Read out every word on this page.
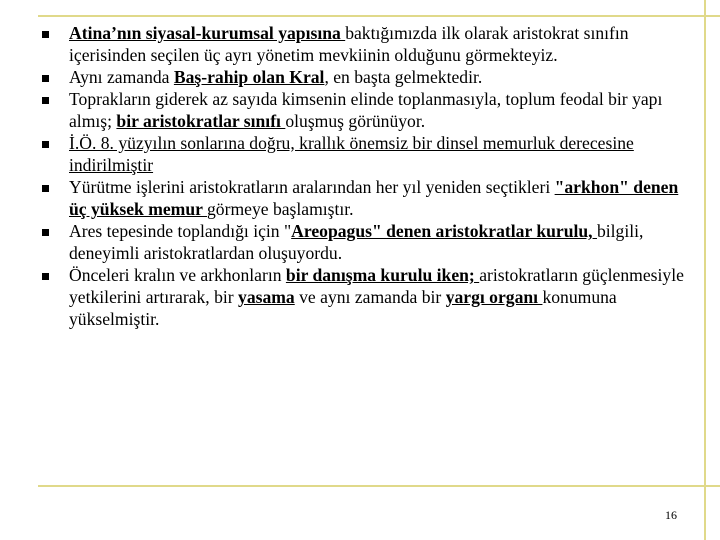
Atina’nın siyasal-kurumsal yapısına baktığımızda ilk olarak aristokrat sınıfın içerisinden seçilen üç ayrı yönetim mevkiinin olduğunu görmekteyiz.
Aynı zamanda Baş-rahip olan Kral, en başta gelmektedir.
Toprakların giderek az sayıda kimsenin elinde toplanmasıyla, toplum feodal bir yapı almış; bir aristokratlar sınıfı oluşmuş görünüyor.
İ.Ö. 8. yüzyılın sonlarına doğru, krallık önemsiz bir dinsel memurluk derecesine indirilmiştir
Yürütme işlerini aristokratların aralarından her yıl yeniden seçtikleri "arkhon" denen üç yüksek memur görmeye başlamıştır.
Ares tepesinde toplandığı için "Areopagus" denen aristokratlar kurulu, bilgili, deneyimli aristokratlardan oluşuyordu.
Önceleri kralın ve arkhonların bir danışma kurulu iken; aristokratların güçlenmesiyle yetkilerini artırarak, bir yasama ve aynı zamanda bir yargı organı konumuna yükselmiştir.
16
